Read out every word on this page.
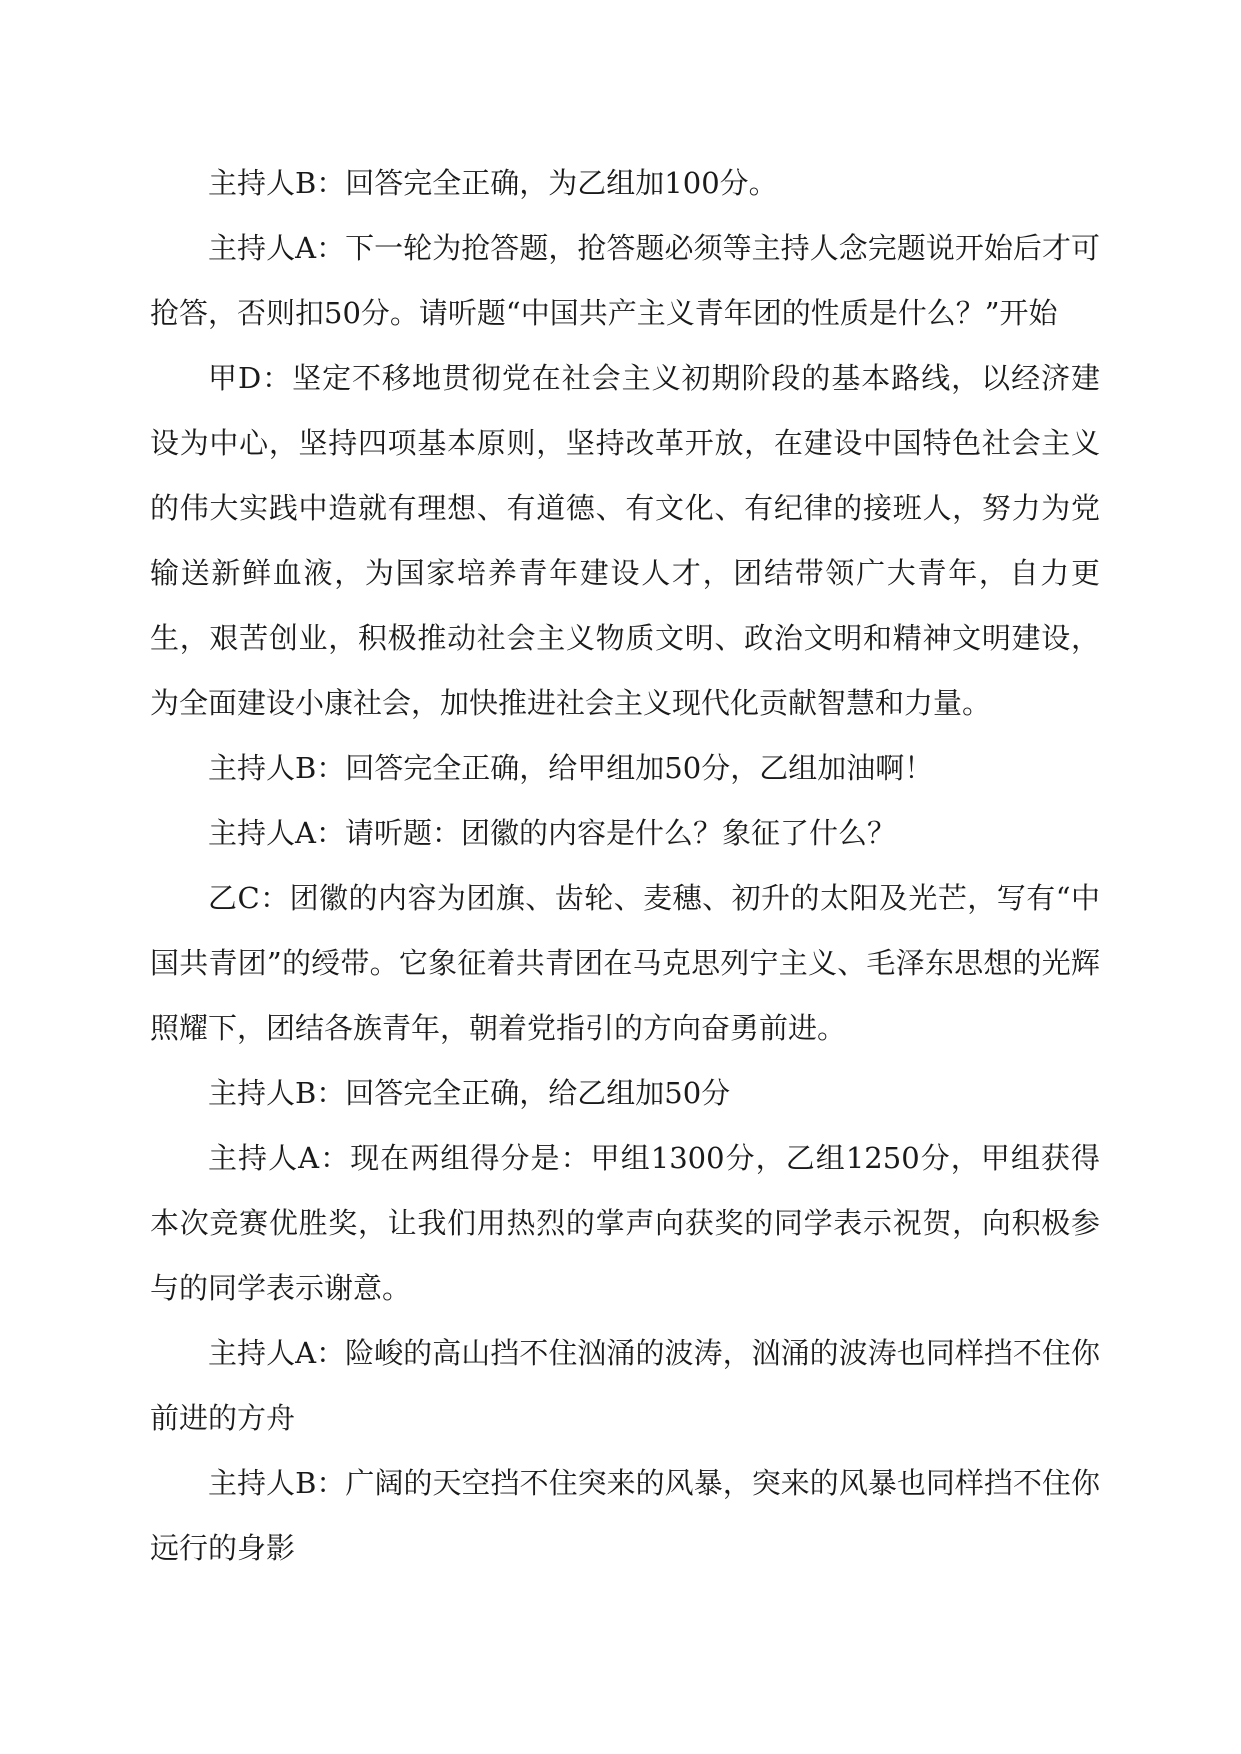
主持人B：回答完全正确，为乙组加100分。

主持人A：下一轮为抢答题，抢答题必须等主持人念完题说开始后才可抢答，否则扣50分。请听题“中国共产主义青年团的性质是什么？”开始

甲D：坚定不移地贯彻党在社会主义初期阶段的基本路线，以经济建设为中心，坚持四项基本原则，坚持改革开放，在建设中国特色社会主义的伟大实践中造就有理想、有道德、有文化、有纪律的接班人，努力为党输送新鲜血液，为国家培养青年建设人才，团结带领广大青年，自力更生，艰苦创业，积极推动社会主义物质文明、政治文明和精神文明建设，为全面建设小康社会，加快推进社会主义现代化贡献智慧和力量。

主持人B：回答完全正确，给甲组加50分，乙组加油啊！

主持人A：请听题：团徽的内容是什么？象征了什么？

乙C：团徽的内容为团旗、齿轮、麦穗、初升的太阳及光芒，写有“中国共青团”的绶带。它象征着共青团在马克思列宁主义、毛泽东思想的光辉照耀下，团结各族青年，朝着党指引的方向奋勇前进。

主持人B：回答完全正确，给乙组加50分

主持人A：现在两组得分是：甲组1300分，乙组1250分，甲组获得本次竞赛优胜奖，让我们用热烈的掌声向获奖的同学表示祝贺，向积极参与的同学表示谢意。

主持人A：险峻的高山挡不住汹涌的波涛，汹涌的波涛也同样挡不住你前进的方舟

主持人B：广阔的天空挡不住突来的风暴，突来的风暴也同样挡不住你远行的身影
